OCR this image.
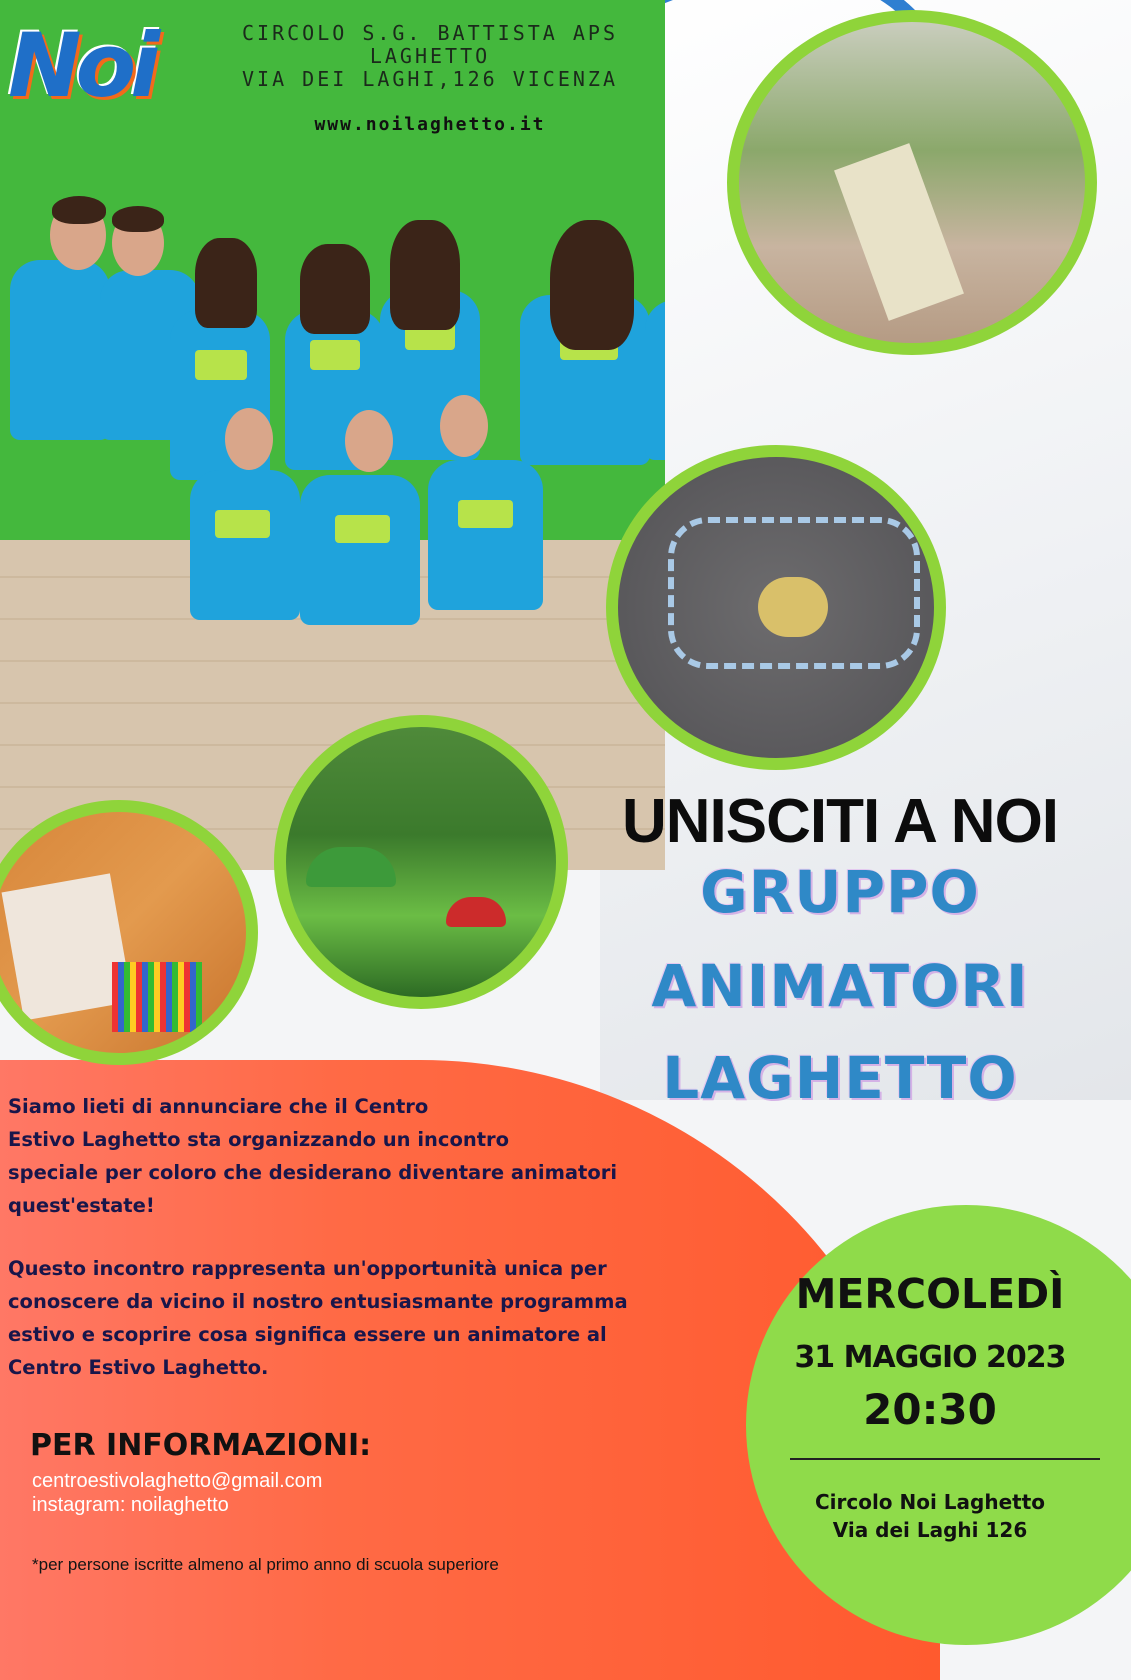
Noi	CIRCOLO S.G. BATTISTA APS
LAGHETTO
VIA DEI LAGHI,126 VICENZA
www.noilaghetto.it
UNISCITI A NOI
GRUPPO
ANIMATORI
LAGHETTO
Siamo lieti di annunciare che il Centro
Estivo Laghetto sta organizzando un incontro
speciale per coloro che desiderano diventare animatori
quest'estate!
Questo incontro rappresenta un'opportunità unica per
conoscere da vicino il nostro entusiasmante programma
estivo e scoprire cosa significa essere un animatore al
Centro Estivo Laghetto.
PER INFORMAZIONI:
centroestivolaghetto@gmail.com
instagram: noilaghetto
*per persone iscritte almeno al primo anno di scuola superiore
MERCOLEDÌ
31 MAGGIO 2023
20:30
Circolo Noi Laghetto
Via dei Laghi 126
